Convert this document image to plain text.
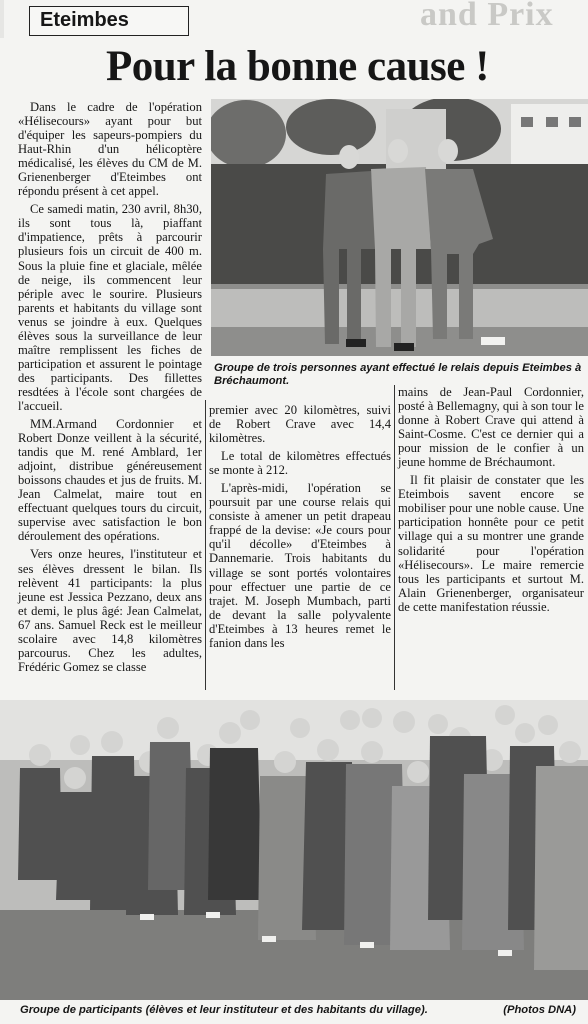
and Prix
Eteimbes
Pour la bonne cause !

Dans le cadre de l'opération «Hélisecours» ayant pour but d'équiper les sapeurs-pompiers du Haut-Rhin d'un hélicoptère médicalisé, les élèves du CM de M. Grienenberger d'Eteimbes ont répondu présent à cet appel.

Ce samedi matin, 230 avril, 8h30, ils sont tous là, piaffant d'impatience, prêts à parcourir plusieurs fois un circuit de 400 m. Sous la pluie fine et glaciale, mêlée de neige, ils commencent leur périple avec le sourire. Plusieurs parents et habitants du village sont venus se joindre à eux. Quelques élèves sous la surveillance de leur maître remplissent les fiches de participation et assurent le pointage des participants. Des fillettes resdtées à l'école sont chargées de l'accueil.

MM.Armand Cordonnier et Robert Donze veillent à la sécurité, tandis que M. rené Amblard, 1er adjoint, distribue généreusement boissons chaudes et jus de fruits. M. Jean Calmelat, maire tout en effectuant quelques tours du circuit, supervise avec satisfaction le bon déroulement des opérations.

Vers onze heures, l'instituteur et ses élèves dressent le bilan. Ils relèvent 41 participants: la plus jeune est Jessica Pezzano, deux ans et demi, le plus âgé: Jean Calmelat, 67 ans. Samuel Reck est le meilleur scolaire avec 14,8 kilomètres parcourus. Chez les adultes, Frédéric Gomez se classe

Groupe de trois personnes ayant effectué le relais depuis Eteimbes à Bréchaumont.

premier avec 20 kilomètres, suivi de Robert Crave avec 14,4 kilomètres.

Le total de kilomètres effectués se monte à 212.

L'après-midi, l'opération se poursuit par une course relais qui consiste à amener un petit drapeau frappé de la devise: «Je cours pour qu'il décolle» d'Eteimbes à Dannemarie. Trois habitants du village se sont portés volontaires pour effectuer une partie de ce trajet. M. Joseph Mumbach, parti de devant la salle polyvalente d'Eteimbes à 13 heures remet le fanion dans les

mains de Jean-Paul Cordonnier, posté à Bellemagny, qui à son tour le donne à Robert Crave qui attend à Saint-Cosme. C'est ce dernier qui a pour mission de le confier à un jeune homme de Bréchaumont.

Il fit plaisir de constater que les Eteimbois savent encore se mobiliser pour une noble cause. Une participation honnête pour ce petit village qui a su montrer une grande solidarité pour l'opération «Hélisecours». Le maire remercie tous les participants et surtout M. Alain Grienenberger, organisateur de cette manifestation réussie.

Groupe de participants (élèves et leur instituteur et des habitants du village).	(Photos DNA)
